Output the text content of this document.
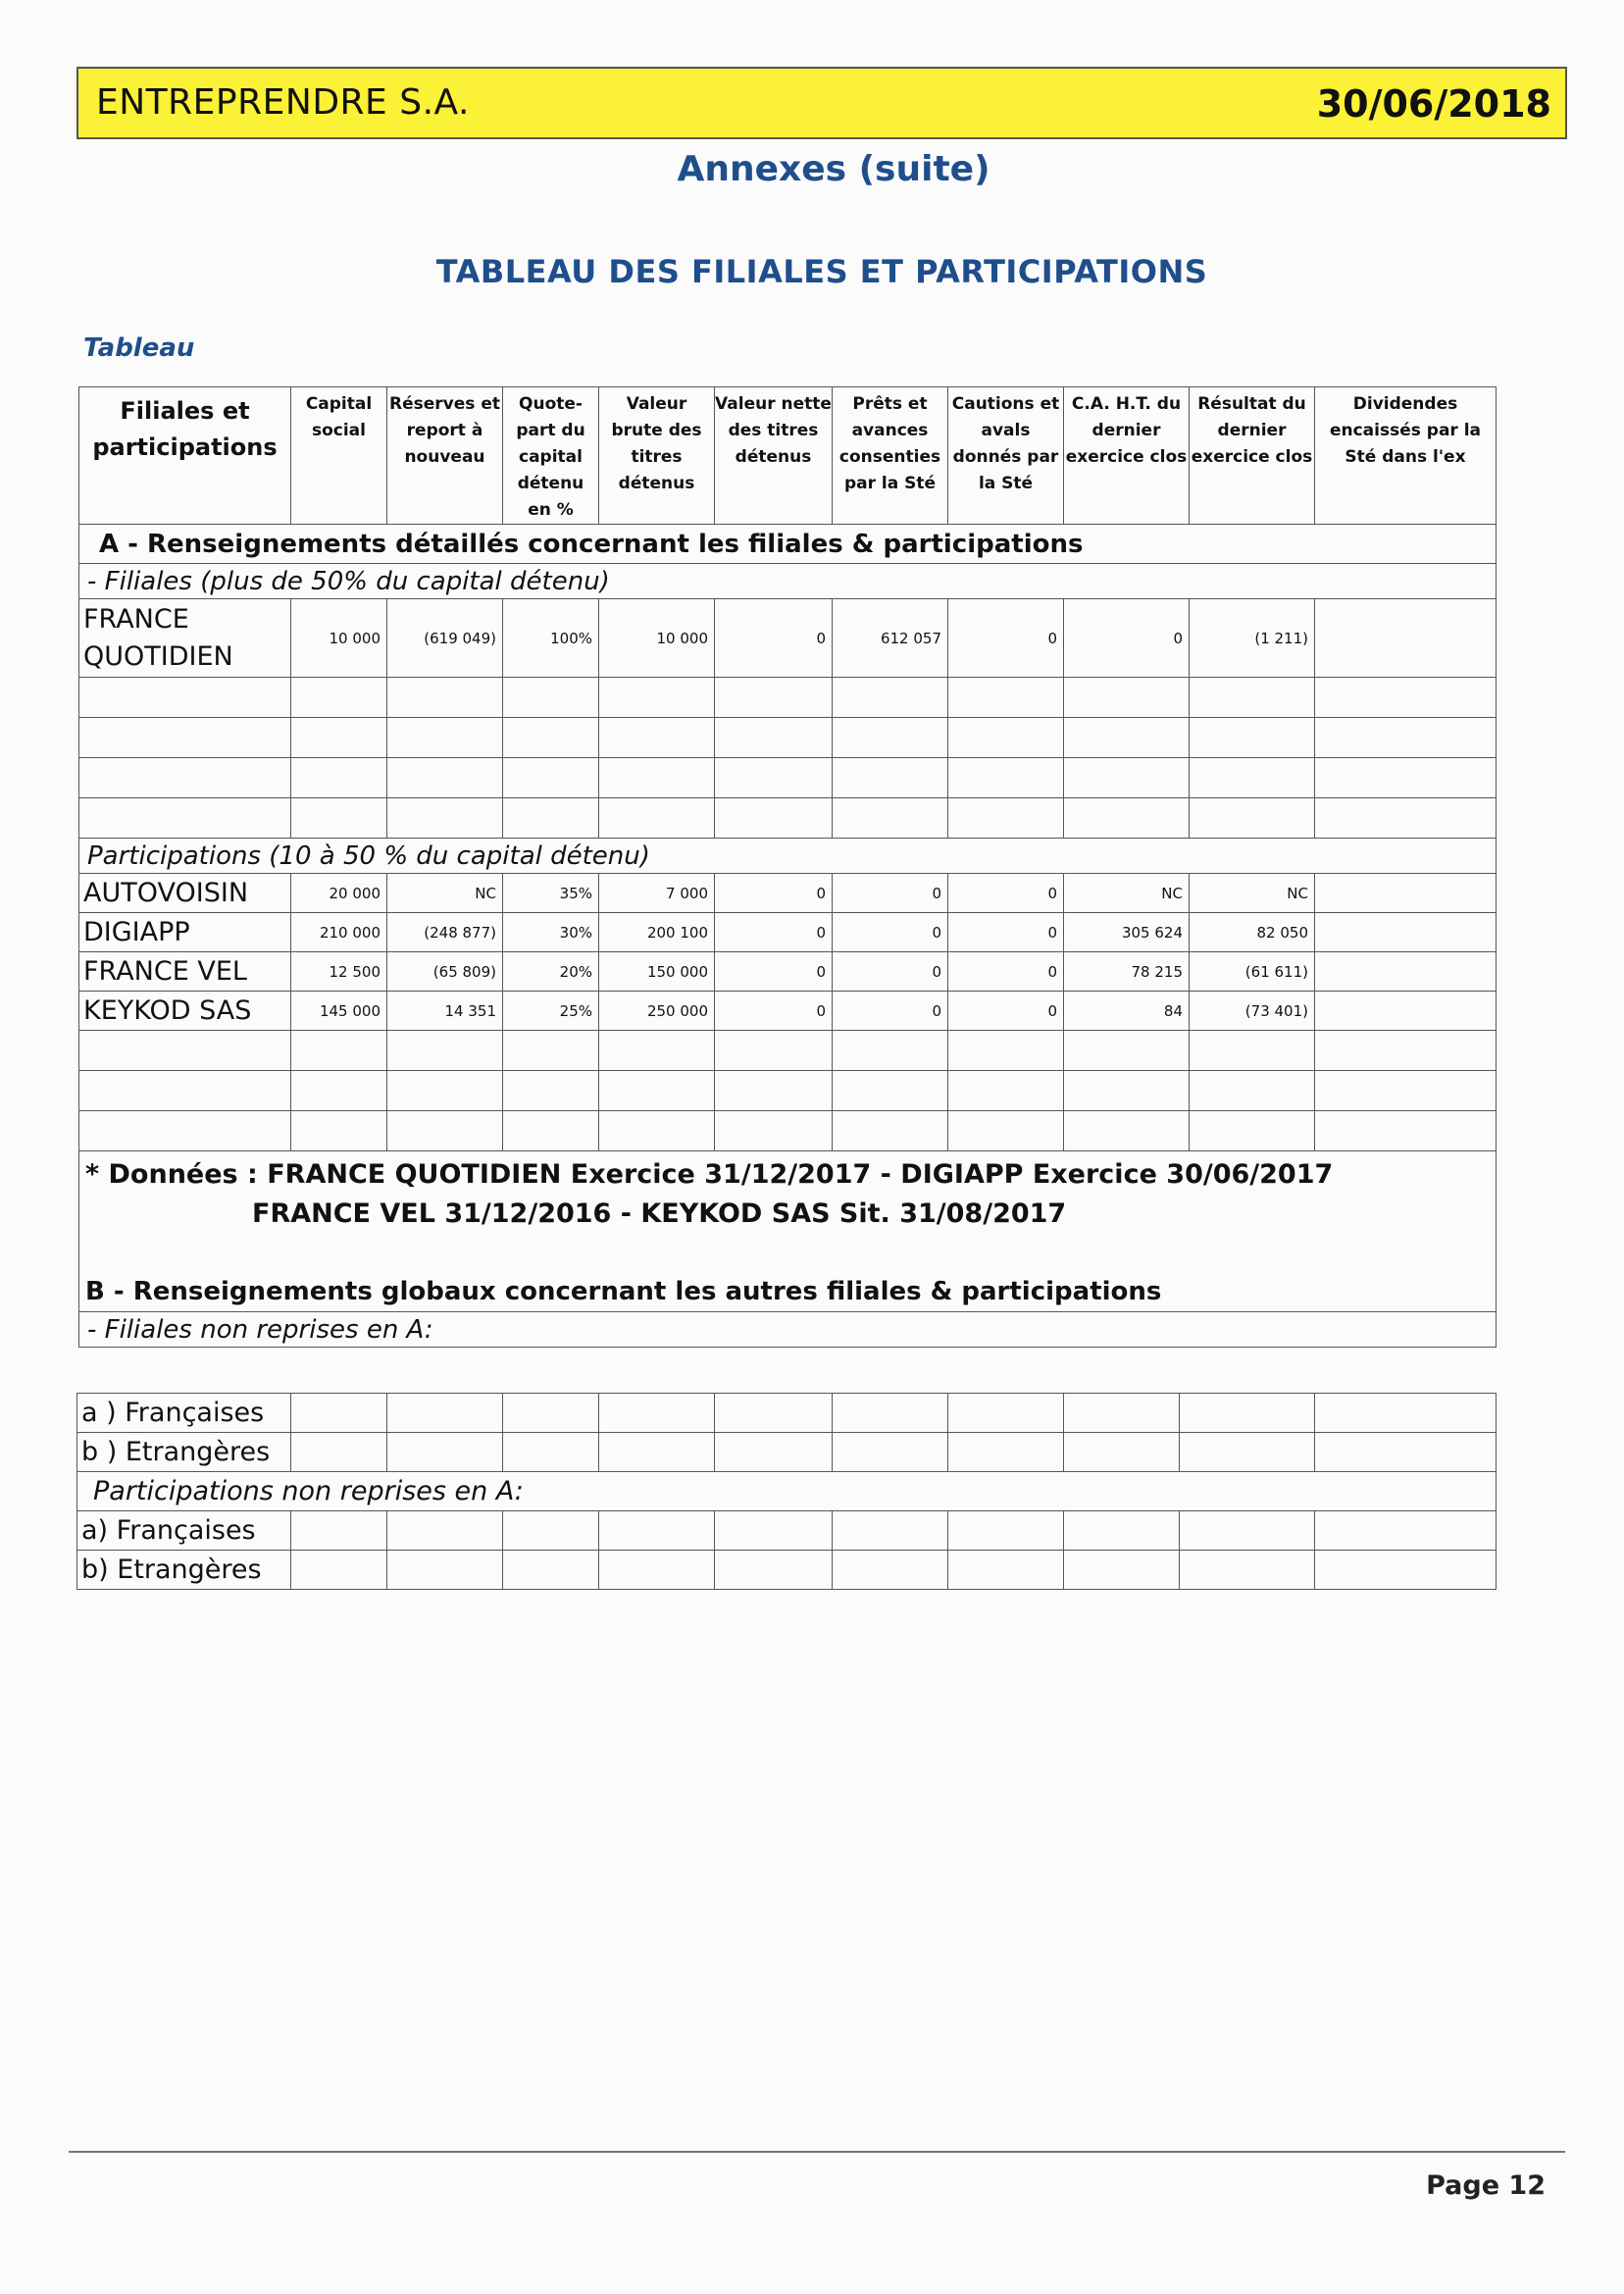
ENTREPRENDRE S.A.	30/06/2018
Annexes (suite)
TABLEAU DES FILIALES ET PARTICIPATIONS
Tableau
Filiales et participations	Capital social	Réserves et report à nouveau	Quote-part du capital détenu en %	Valeur brute des titres détenus	Valeur nette des titres détenus	Prêts et avances consenties par la Sté	Cautions et avals donnés par la Sté	C.A. H.T. du dernier exercice clos	Résultat du dernier exercice clos	Dividendes encaissés par la Sté dans l'ex
A - Renseignements détaillés concernant les filiales & participations										
- Filiales (plus de 50% du capital détenu)										
FRANCE QUOTIDIEN	10 000	(619 049)	100%	10 000	0	612 057	0	0	(1 211)	

Participations (10 à 50 % du capital détenu)										
AUTOVOISIN	20 000	NC	35%	7 000	0	0	0	NC	NC	
DIGIAPP	210 000	(248 877)	30%	200 100	0	0	0	305 624	82 050	
FRANCE VEL	12 500	(65 809)	20%	150 000	0	0	0	78 215	(61 611)	
KEYKOD SAS	145 000	14 351	25%	250 000	0	0	0	84	(73 401)	

* Données : FRANCE QUOTIDIEN Exercice 31/12/2017 - DIGIAPP Exercice 30/06/2017
FRANCE VEL 31/12/2016 - KEYKOD SAS Sit. 31/08/2017
B - Renseignements globaux concernant les autres filiales & participations										

- Filiales non reprises en A:										
a ) Françaises										
b ) Etrangères										
Participations non reprises en A:										
a) Françaises										
b) Etrangères										
Page 12
